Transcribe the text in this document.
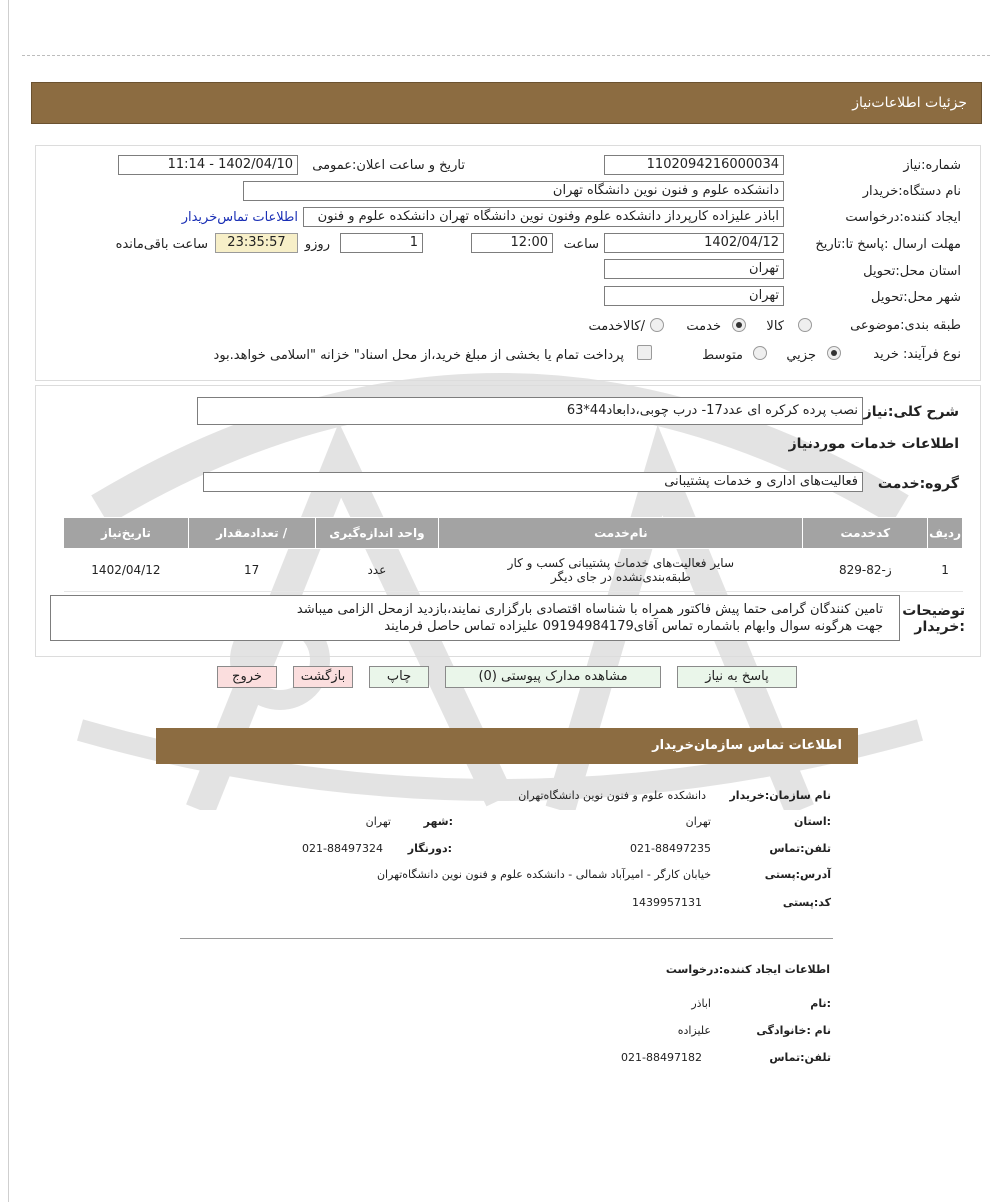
جزئیات اطلاعات‌نیاز
شماره:نیاز
1102094216000034
تاریخ و ساعت اعلان:عمومی
1402/04/10 - 11:14
نام دستگاه:خریدار
دانشکده علوم و فنون نوین دانشگاه تهران
ایجاد کننده:درخواست
اباذر علیزاده کارپرداز دانشکده علوم وفنون نوین دانشگاه تهران دانشکده علوم و فنون
اطلاعات تماس‌خریدار
مهلت ارسال :پاسخ تا:تاریخ
1402/04/12
ساعت
12:00
1
روزو
23:35:57
ساعت باقی‌مانده
استان محل:تحویل
تهران
شهر محل:تحویل
تهران
طبقه بندی:موضوعی
کالا
خدمت
/کالاخدمت
نوع فرآیند: خرید
جزيي
متوسط
پرداخت تمام یا بخشی از مبلغ خرید،از محل اسناد" خزانه "اسلامی خواهد.بود
شرح کلی:نیاز
نصب پرده کرکره ای عدد17- درب چوبی،دابعاد44*63
اطلاعات خدمات موردنیاز
گروه:خدمت
فعالیت‌های اداری و خدمات پشتیبانی
ردیف	کدخدمت	نام‌خدمت	واحد اندازه‌گیری	/ تعدادمقدار	تاریخ‌نیاز
1	ز-82-829	سایر فعالیت‌های خدمات پشتیبانی کسب و کار طبقه‌بندی‌نشده در جای دیگر	عدد	17	1402/04/12
توضیحات :خریدار
تامین کنندگان گرامی حتما پیش فاکتور همراه با شناساه اقتصادی بارگزاری نمایند،بازدید ازمحل الزامی میباشد
جهت هرگونه سوال وابهام باشماره تماس آقای09194984179 علیزاده تماس حاصل فرمایند
پاسخ به نیاز
مشاهده مدارک پیوستی (0)
چاپ
بازگشت
خروج
اطلاعات تماس سازمان‌خریدار
نام سازمان:خریدار
دانشکده علوم و فنون نوین دانشگاه‌تهران
:استان
تهران
:شهر
تهران
تلفن:تماس
021-88497235
:دورنگار
021-88497324
آدرس:پستی
خیابان کارگر - امیرآباد شمالی - دانشکده علوم و فنون نوین دانشگاه‌تهران
کد:پستی
1439957131
اطلاعات ایجاد کننده:درخواست
:نام
اباذر
نام :خانوادگی
علیزاده
تلفن:تماس
021-88497182
